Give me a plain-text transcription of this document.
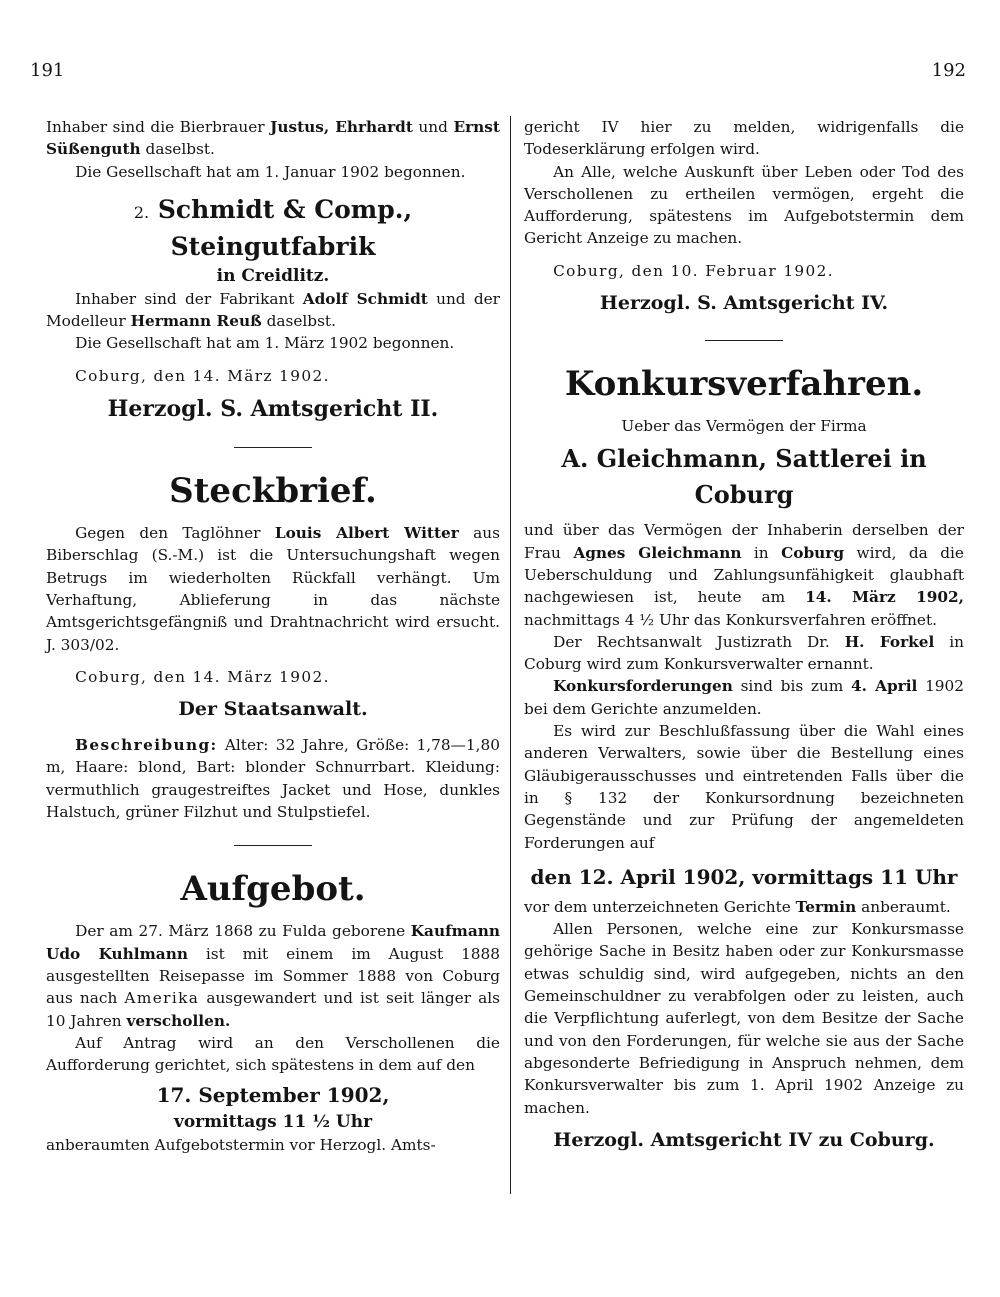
191	192

Inhaber sind die Bierbrauer Justus, Ehrhardt und Ernst Süßenguth daselbst.

Die Gesellschaft hat am 1. Januar 1902 begonnen.

2. Schmidt & Comp., Steingutfabrik
in Creidlitz.

Inhaber sind der Fabrikant Adolf Schmidt und der Modelleur Hermann Reuß daselbst.

Die Gesellschaft hat am 1. März 1902 begonnen.

Coburg, den 14. März 1902.

Herzogl. S. Amtsgericht II.
Steckbrief.

Gegen den Taglöhner Louis Albert Witter aus Biberschlag (S.-M.) ist die Untersuchungshaft wegen Betrugs im wiederholten Rückfall verhängt. Um Verhaftung, Ablieferung in das nächste Amtsgerichtsgefängniß und Drahtnachricht wird ersucht. J. 303/02.

Coburg, den 14. März 1902.

Der Staatsanwalt.

Beschreibung: Alter: 32 Jahre, Größe: 1,78—1,80 m, Haare: blond, Bart: blonder Schnurrbart. Kleidung: vermuthlich graugestreiftes Jacket und Hose, dunkles Halstuch, grüner Filzhut und Stulpstiefel.

Aufgebot.

Der am 27. März 1868 zu Fulda geborene Kaufmann Udo Kuhlmann ist mit einem im August 1888 ausgestellten Reisepasse im Sommer 1888 von Coburg aus nach Amerika ausgewandert und ist seit länger als 10 Jahren verschollen.

Auf Antrag wird an den Verschollenen die Aufforderung gerichtet, sich spätestens in dem auf den

17. September 1902,
vormittags 11 ½ Uhr

anberaumten Aufgebotstermin vor Herzogl. Amts-

gericht IV hier zu melden, widrigenfalls die Todeserklärung erfolgen wird.

An Alle, welche Auskunft über Leben oder Tod des Verschollenen zu ertheilen vermögen, ergeht die Aufforderung, spätestens im Aufgebotstermin dem Gericht Anzeige zu machen.

Coburg, den 10. Februar 1902.

Herzogl. S. Amtsgericht IV.
Konkursverfahren.

Ueber das Vermögen der Firma

A. Gleichmann, Sattlerei in Coburg

und über das Vermögen der Inhaberin derselben der Frau Agnes Gleichmann in Coburg wird, da die Ueberschuldung und Zahlungsunfähigkeit glaubhaft nachgewiesen ist, heute am 14. März 1902, nachmittags 4 ½ Uhr das Konkursverfahren eröffnet.

Der Rechtsanwalt Justizrath Dr. H. Forkel in Coburg wird zum Konkursverwalter ernannt.

Konkursforderungen sind bis zum 4. April 1902 bei dem Gerichte anzumelden.

Es wird zur Beschlußfassung über die Wahl eines anderen Verwalters, sowie über die Bestellung eines Gläubigerausschusses und eintretenden Falls über die in § 132 der Konkursordnung bezeichneten Gegenstände und zur Prüfung der angemeldeten Forderungen auf

den 12. April 1902, vormittags 11 Uhr

vor dem unterzeichneten Gerichte Termin anberaumt.

Allen Personen, welche eine zur Konkursmasse gehörige Sache in Besitz haben oder zur Konkursmasse etwas schuldig sind, wird aufgegeben, nichts an den Gemeinschuldner zu verabfolgen oder zu leisten, auch die Verpflichtung auferlegt, von dem Besitze der Sache und von den Forderungen, für welche sie aus der Sache abgesonderte Befriedigung in Anspruch nehmen, dem Konkursverwalter bis zum 1. April 1902 Anzeige zu machen.

Herzogl. Amtsgericht IV zu Coburg.
